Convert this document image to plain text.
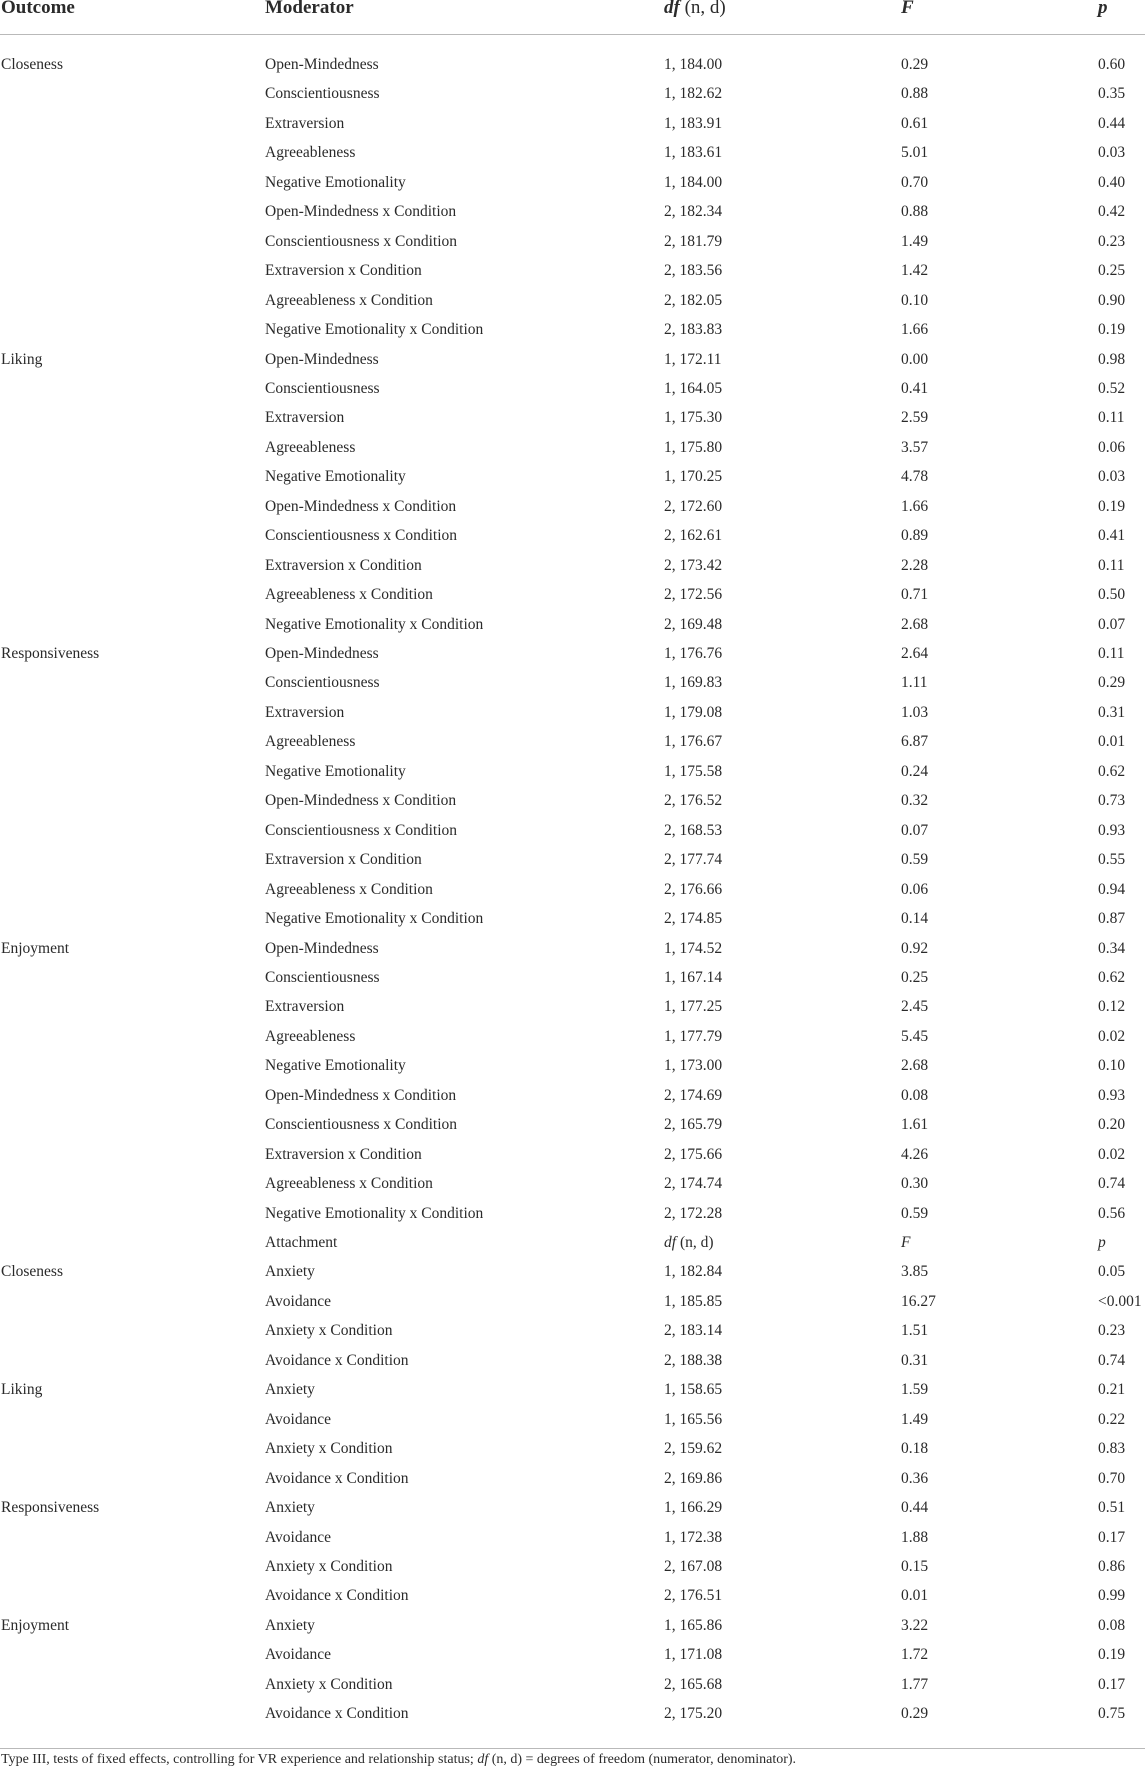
Outcome	Moderator	df (n, d)	F	p
Closeness	Open-Mindedness	1, 184.00	0.29	0.60
Conscientiousness	1, 182.62	0.88	0.35
Extraversion	1, 183.91	0.61	0.44
Agreeableness	1, 183.61	5.01	0.03
Negative Emotionality	1, 184.00	0.70	0.40
Open-Mindedness x Condition	2, 182.34	0.88	0.42
Conscientiousness x Condition	2, 181.79	1.49	0.23
Extraversion x Condition	2, 183.56	1.42	0.25
Agreeableness x Condition	2, 182.05	0.10	0.90
Negative Emotionality x Condition	2, 183.83	1.66	0.19
Liking	Open-Mindedness	1, 172.11	0.00	0.98
Conscientiousness	1, 164.05	0.41	0.52
Extraversion	1, 175.30	2.59	0.11
Agreeableness	1, 175.80	3.57	0.06
Negative Emotionality	1, 170.25	4.78	0.03
Open-Mindedness x Condition	2, 172.60	1.66	0.19
Conscientiousness x Condition	2, 162.61	0.89	0.41
Extraversion x Condition	2, 173.42	2.28	0.11
Agreeableness x Condition	2, 172.56	0.71	0.50
Negative Emotionality x Condition	2, 169.48	2.68	0.07
Responsiveness	Open-Mindedness	1, 176.76	2.64	0.11
Conscientiousness	1, 169.83	1.11	0.29
Extraversion	1, 179.08	1.03	0.31
Agreeableness	1, 176.67	6.87	0.01
Negative Emotionality	1, 175.58	0.24	0.62
Open-Mindedness x Condition	2, 176.52	0.32	0.73
Conscientiousness x Condition	2, 168.53	0.07	0.93
Extraversion x Condition	2, 177.74	0.59	0.55
Agreeableness x Condition	2, 176.66	0.06	0.94
Negative Emotionality x Condition	2, 174.85	0.14	0.87
Enjoyment	Open-Mindedness	1, 174.52	0.92	0.34
Conscientiousness	1, 167.14	0.25	0.62
Extraversion	1, 177.25	2.45	0.12
Agreeableness	1, 177.79	5.45	0.02
Negative Emotionality	1, 173.00	2.68	0.10
Open-Mindedness x Condition	2, 174.69	0.08	0.93
Conscientiousness x Condition	2, 165.79	1.61	0.20
Extraversion x Condition	2, 175.66	4.26	0.02
Agreeableness x Condition	2, 174.74	0.30	0.74
Negative Emotionality x Condition	2, 172.28	0.59	0.56
Attachment	df (n, d)	F	p
Closeness	Anxiety	1, 182.84	3.85	0.05
Avoidance	1, 185.85	16.27	<0.001
Anxiety x Condition	2, 183.14	1.51	0.23
Avoidance x Condition	2, 188.38	0.31	0.74
Liking	Anxiety	1, 158.65	1.59	0.21
Avoidance	1, 165.56	1.49	0.22
Anxiety x Condition	2, 159.62	0.18	0.83
Avoidance x Condition	2, 169.86	0.36	0.70
Responsiveness	Anxiety	1, 166.29	0.44	0.51
Avoidance	1, 172.38	1.88	0.17
Anxiety x Condition	2, 167.08	0.15	0.86
Avoidance x Condition	2, 176.51	0.01	0.99
Enjoyment	Anxiety	1, 165.86	3.22	0.08
Avoidance	1, 171.08	1.72	0.19
Anxiety x Condition	2, 165.68	1.77	0.17
Avoidance x Condition	2, 175.20	0.29	0.75
Type III, tests of fixed effects, controlling for VR experience and relationship status; df (n, d) = degrees of freedom (numerator, denominator).
